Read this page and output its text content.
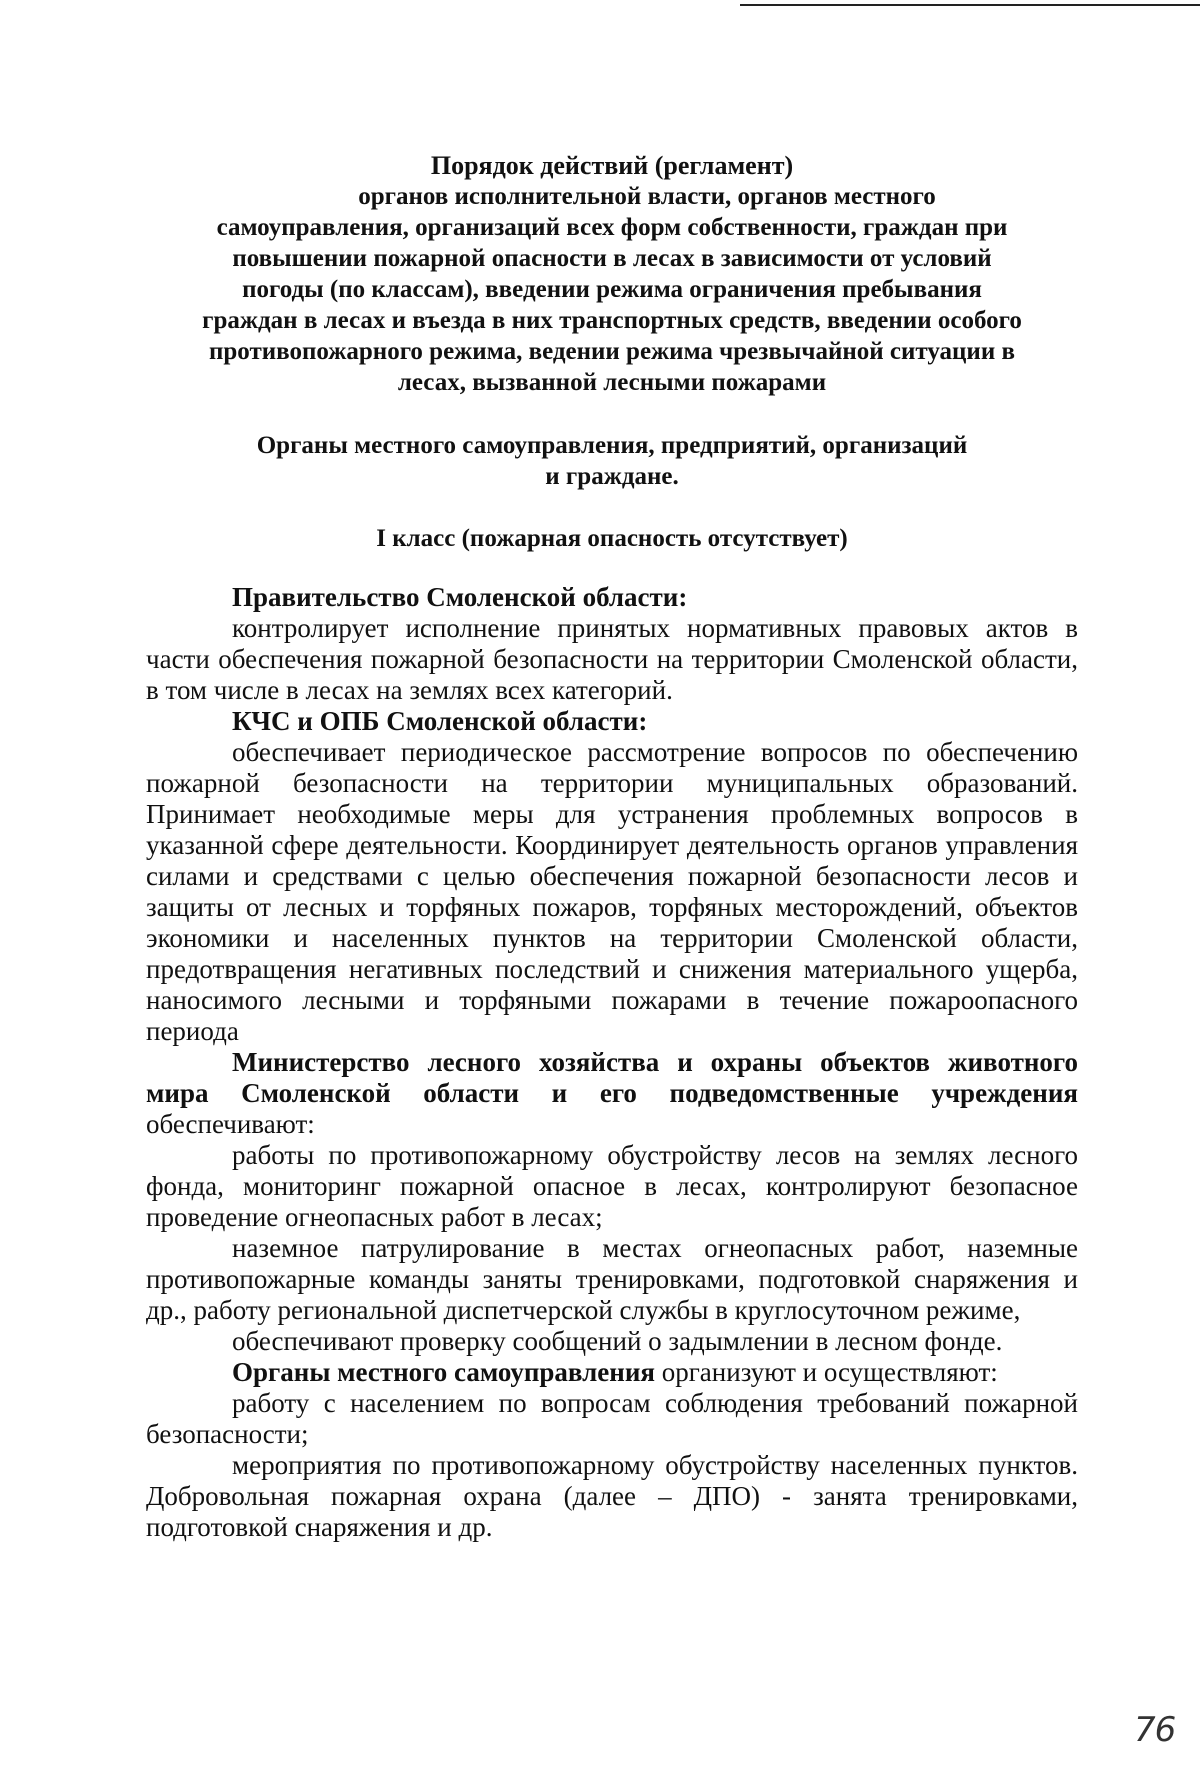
Порядок действий (регламент)

органов исполнительной власти, органов местного

самоуправления, организаций всех форм собственности, граждан при

повышении пожарной опасности в лесах в зависимости от условий

погоды (по классам), введении режима ограничения пребывания

граждан в лесах и въезда в них транспортных средств, введении особого

противопожарного режима, ведении режима чрезвычайной ситуации в

лесах, вызванной лесными пожарами

Органы местного самоуправления, предприятий, организаций

и граждане.

I класс (пожарная опасность отсутствует)

Правительство Смоленской области:

контролирует исполнение принятых нормативных правовых актов в части обеспечения пожарной безопасности на территории Смоленской области, в том числе в лесах на землях всех категорий.

КЧС и ОПБ Смоленской области:

обеспечивает периодическое рассмотрение вопросов по обеспечению пожарной безопасности на территории муниципальных образований. Принимает необходимые меры для устранения проблемных вопросов в указанной сфере деятельности. Координирует деятельность органов управления силами и средствами с целью обеспечения пожарной безопасности лесов и защиты от лесных и торфяных пожаров, торфяных месторождений, объектов экономики и населенных пунктов на территории Смоленской области, предотвращения негативных последствий и снижения материального ущерба, наносимого лесными и торфяными пожарами в течение пожароопасного периода

Министерство лесного хозяйства и охраны объектов животного мира Смоленской области и его подведомственные учреждения обеспечивают:

работы по противопожарному обустройству лесов на землях лесного фонда, мониторинг пожарной опасное в лесах, контролируют безопасное проведение огнеопасных работ в лесах;

наземное патрулирование в местах огнеопасных работ, наземные противопожарные команды заняты тренировками, подготовкой снаряжения и др., работу региональной диспетчерской службы в круглосуточном режиме,

обеспечивают проверку сообщений о задымлении в лесном фонде.

Органы местного самоуправления организуют и осуществляют:

работу с населением по вопросам соблюдения требований пожарной безопасности;

мероприятия по противопожарному обустройству населенных пунктов. Добровольная пожарная охрана (далее – ДПО) - занята тренировками, подготовкой снаряжения и др.

76
